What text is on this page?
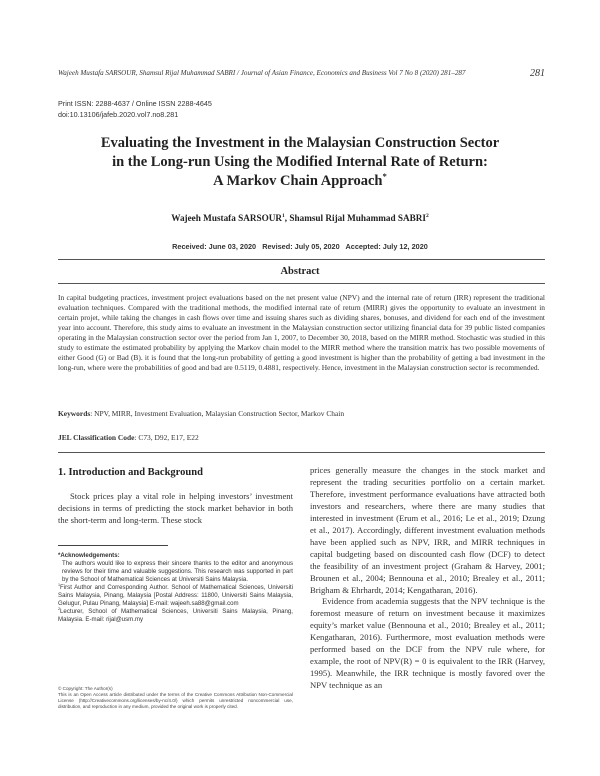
Wajeeh Mustafa SARSOUR, Shamsul Rijal Muhammad SABRI / Journal of Asian Finance, Economics and Business Vol 7 No 8 (2020) 281–287	281
Print ISSN: 2288-4637 / Online ISSN 2288-4645
doi:10.13106/jafeb.2020.vol7.no8.281
Evaluating the Investment in the Malaysian Construction Sector
in the Long-run Using the Modified Internal Rate of Return:
A Markov Chain Approach*
Wajeeh Mustafa SARSOUR$^1$, Shamsul Rijal Muhammad SABRI$^2$
Received: June 03, 2020   Revised: July 05, 2020   Accepted: July 12, 2020
Abstract
In capital budgeting practices, investment project evaluations based on the net present value (NPV) and the internal rate of return (IRR) represent the traditional evaluation techniques. Compared with the traditional methods, the modified internal rate of return (MIRR) gives the opportunity to evaluate an investment in certain projet, while taking the changes in cash flows over time and issuing shares such as dividing shares, bonuses, and dividend for each end of the investment year into account. Therefore, this study aims to evaluate an investment in the Malaysian construction sector utilizing financial data for 39 public listed companies operating in the Malaysian construction sector over the period from Jan 1, 2007, to December 30, 2018, based on the MIRR method. Stochastic was studied in this study to estimate the estimated probability by applying the Markov chain model to the MIRR method where the transition matrix has two possible movements of either Good (G) or Bad (B). it is found that the long-run probability of getting a good investment is higher than the probability of getting a bad investment in the long-run, where were the probabilities of good and bad are 0.5119, 0.4881, respectively. Hence, investment in the Malaysian construction sector is recommended.
Keywords: NPV, MIRR, Investment Evaluation, Malaysian Construction Sector, Markov Chain
JEL Classification Code: C73, D92, E17, E22
1. Introduction and Background
Stock prices play a vital role in helping investors’ investment decisions in terms of predicting the stock market behavior in both the short-term and long-term. These stock

*Acknowledgements:

The authors would like to express their sincere thanks to the editor and anonymous reviews for their time and valuable suggestions. This research was supported in part by the School of Mathematical Sciences at Universiti Sains Malaysia.

$^1$First Author and Corresponding Author. School of Mathematical Sciences, Universiti Sains Malaysia, Pinang, Malaysia [Postal Address: 11800, Universiti Sains Malaysia, Gelugur, Pulau Pinang, Malaysia] E-mail: wajeeh.sa88@gmail.com

$^2$Lecturer, School of Mathematical Sciences, Universiti Sains Malaysia, Pinang, Malaysia. E-mail: rijal@usm.my

© Copyright: The Author(s)
This is an Open Access article distributed under the terms of the Creative Commons Attribution Non-Commercial License (http://Creativecommons.org/licenses/by-nc/4.0/) which permits unrestricted noncommercial use, distribution, and reproduction in any medium, provided the original work is properly cited.

prices generally measure the changes in the stock market and represent the trading securities portfolio on a certain market. Therefore, investment performance evaluations have attracted both investors and researchers, where there are many studies that interested in investment (Erum et al., 2016; Le et al., 2019; Dzung et al., 2017). Accordingly, different investment evaluation methods have been applied such as NPV, IRR, and MIRR techniques in capital budgeting based on discounted cash flow (DCF) to detect the feasibility of an investment project (Graham & Harvey, 2001; Brounen et al., 2004; Bennouna et al., 2010; Brealey et al., 2011; Brigham & Ehrhardt, 2014; Kengatharan, 2016).

Evidence from academia suggests that the NPV technique is the foremost measure of return on investment because it maximizes equity’s market value (Bennouna et al., 2010; Brealey et al., 2011; Kengatharan, 2016). Furthermore, most evaluation methods were performed based on the DCF from the NPV rule where, for example, the root of NPV(R) = 0 is equivalent to the IRR (Harvey, 1995). Meanwhile, the IRR technique is mostly favored over the NPV technique as an
